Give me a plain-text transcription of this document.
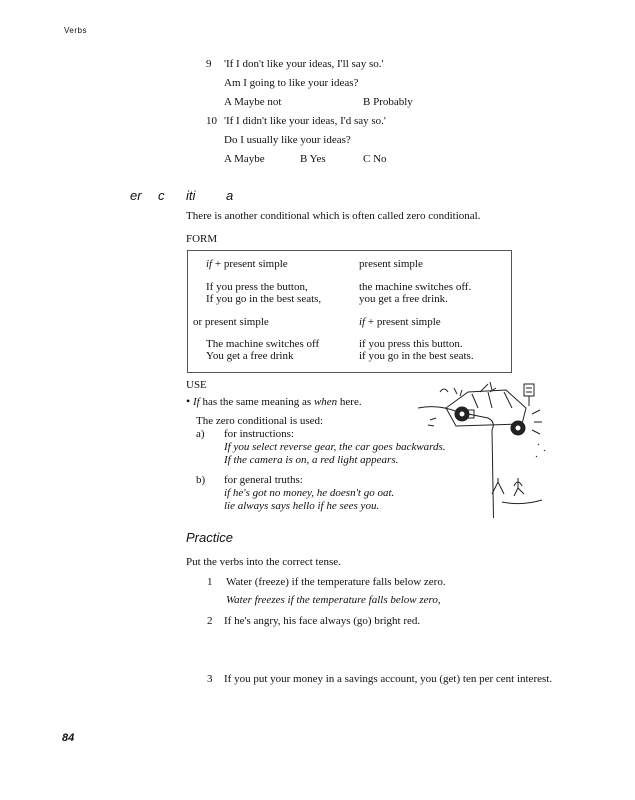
Verbs
9 'If I don't like your ideas, I'll say so.'
Am I going to like your ideas?
A Maybe not	B Probably
10 'If I didn't like your ideas, I'd say so.'
Do I usually like your ideas?
A Maybe	B Yes	C No
er c iti a
There is another conditional which is often called zero conditional.
FORM
if + present simple	present simple
If you press the button,	the machine switches off.
If you go in the best seats,	you get a free drink.
or present simple	if + present simple
The machine switches off	if you press this button.
You get a free drink	if you go in the best seats.
USE
• If has the same meaning as when here.
The zero conditional is used:
a) for instructions:
If you select reverse gear, the car goes backwards.
If the camera is on, a red light appears.
b) for general truths:
if he's got no money, he doesn't go oat.
lie always says hello if he sees you.
Practice
Put the verbs into the correct tense.
1 Water (freeze) if the temperature falls below zero.
Water freezes if the temperature falls below zero,
2 If he's angry, his face always (go) bright red.
3 If you put your money in a savings account, you (get) ten per cent interest.
84
